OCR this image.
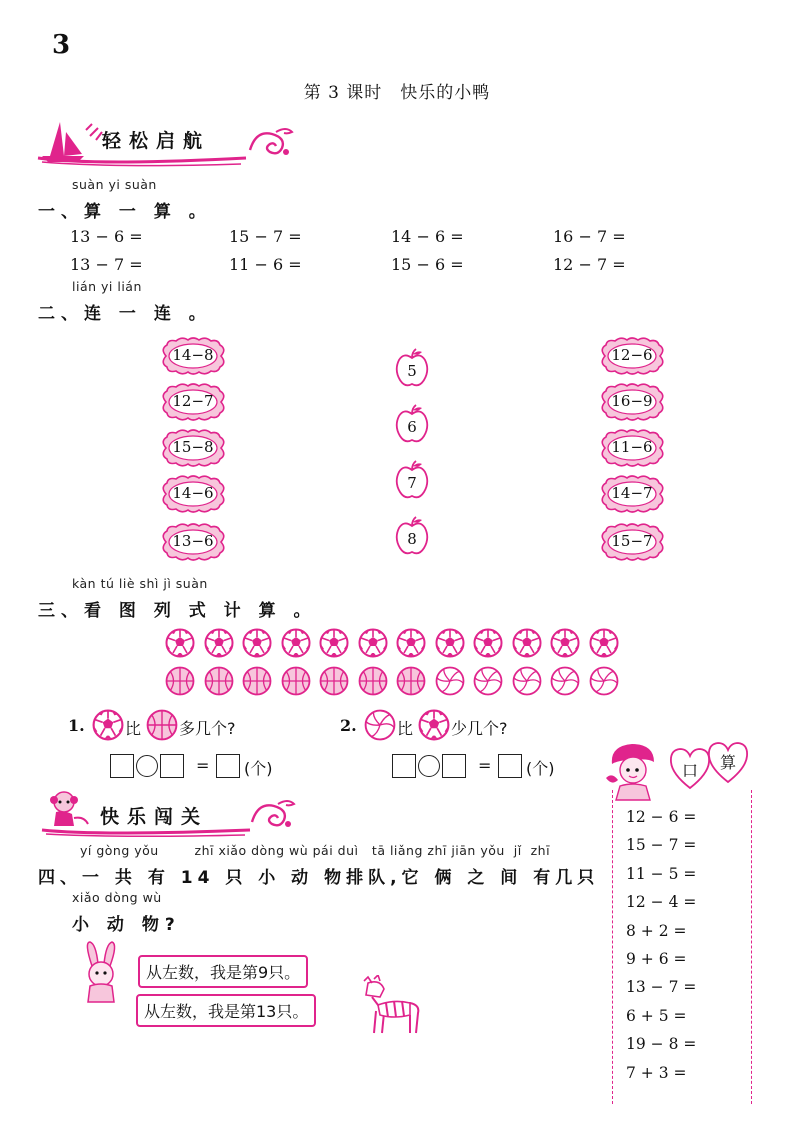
3
第 3 课时　快乐的小鸭
轻松启航
suàn yi suàn
一、算 一 算 。
13 − 6 =	15 − 7 =	14 − 6 =	16 − 7 =
13 − 7 =	11 − 6 =	15 − 6 =	12 − 7 =
lián yi lián
二、连 一 连 。
14−8
12−7
15−8
14−6
13−6
5
6
7
8
12−6
16−9
11−6
14−7
15−7
kàn tú liè shì jì suàn
三、看 图 列 式 计 算 。
1.	比 多几个?
= (个)
2.	比 少几个?
= (个)	口 算
12 − 6 =
15 − 7 =
11 − 5 =
12 − 4 =
8 + 2 =
9 + 6 =
13 − 7 =
6 + 5 =
19 − 8 =
7 + 3 =
快乐闯关
yí gòng yǒu        zhī xiǎo dòng wù pái duì   tā liǎng zhī jiān yǒu  jǐ  zhī
四、一 共 有 14 只 小 动 物排队,它 俩 之 间 有几只
xiǎo dòng wù
小 动 物?
从左数，我是第9只。
从左数，我是第13只。
